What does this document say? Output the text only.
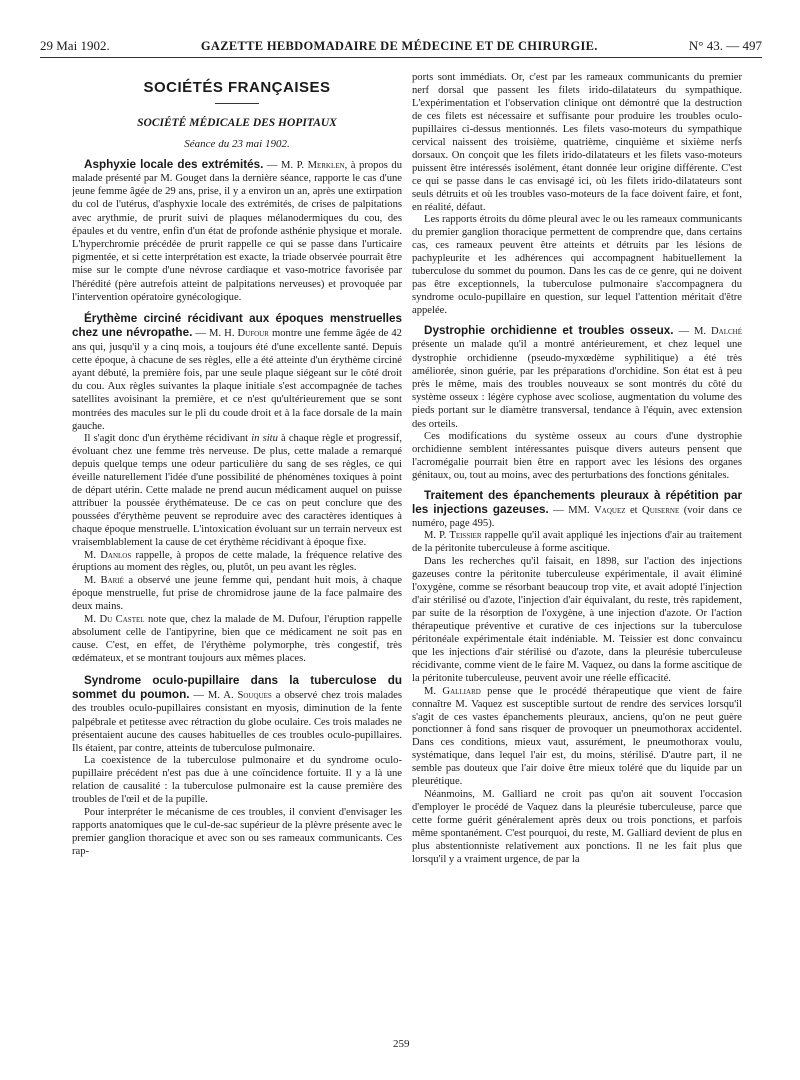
29 Mai 1902.	GAZETTE HEBDOMADAIRE DE MÉDECINE ET DE CHIRURGIE.	N° 43. — 497
SOCIÉTÉS FRANÇAISES
SOCIÉTÉ MÉDICALE DES HOPITAUX
Séance du 23 mai 1902.
Asphyxie locale des extrémités. — M. P. Merklen, à propos du malade présenté par M. Gouget dans la dernière séance, rapporte le cas d'une jeune femme âgée de 29 ans, prise, il y a environ un an, après une extirpation du col de l'utérus, d'asphyxie locale des extrémités, de crises de palpitations avec arythmie, de prurit suivi de plaques mélanodermiques du cou, des épaules et du ventre, enfin d'un état de profonde asthénie physique et morale. L'hyperchromie précédée de prurit rappelle ce qui se passe dans l'urticaire pigmentée, et si cette interprétation est exacte, la triade observée pourrait être mise sur le compte d'une névrose cardiaque et vaso-motrice favorisée par l'hérédité (père autrefois atteint de palpitations nerveuses) et provoquée par l'intervention opératoire gynécologique.
Érythème circiné récidivant aux époques menstruelles chez une névropathe. — M. H. Dufour montre une femme âgée de 42 ans qui, jusqu'il y a cinq mois, a toujours été d'une excellente santé. Depuis cette époque, à chacune de ses règles, elle a été atteinte d'un érythème circiné ayant débuté, la première fois, par une seule plaque siégeant sur le côté droit du cou. Aux règles suivantes la plaque initiale s'est accompagnée de taches satellites avoisinant la première, et ce n'est qu'ultérieurement que se sont montrées des macules sur le pli du coude droit et à la face dorsale de la main gauche.
Il s'agit donc d'un érythème récidivant in situ à chaque règle et progressif, évoluant chez une femme très nerveuse. De plus, cette malade a remarqué depuis quelque temps une odeur particulière du sang de ses règles, ce qui éveille naturellement l'idée d'une possibilité de phénomènes toxiques à point de départ utérin. Cette malade ne prend aucun médicament auquel on puisse attribuer la poussée érythémateuse. De ce cas on peut conclure que des poussées d'érythème peuvent se reproduire avec des caractères identiques à chaque époque menstruelle. L'intoxication évoluant sur un terrain nerveux est vraisemblablement la cause de cet érythème récidivant à époque fixe.
M. Danlos rappelle, à propos de cette malade, la fréquence relative des éruptions au moment des règles, ou, plutôt, un peu avant les règles.
M. Barié a observé une jeune femme qui, pendant huit mois, à chaque époque menstruelle, fut prise de chromidrose jaune de la face palmaire des deux mains.
M. Du Castel note que, chez la malade de M. Dufour, l'éruption rappelle absolument celle de l'antipyrine, bien que ce médicament ne soit pas en cause. C'est, en effet, de l'érythème polymorphe, très congestif, très œdémateux, et se montrant toujours aux mêmes places.
Syndrome oculo-pupillaire dans la tuberculose du sommet du poumon. — M. A. Souques a observé chez trois malades des troubles oculo-pupillaires consistant en myosis, diminution de la fente palpébrale et petitesse avec rétraction du globe oculaire. Ces trois malades ne présentaient aucune des causes habituelles de ces troubles oculo-pupillaires. Ils étaient, par contre, atteints de tuberculose pulmonaire.
La coexistence de la tuberculose pulmonaire et du syndrome oculo-pupillaire précédent n'est pas due à une coïncidence fortuite. Il y a là une relation de causalité : la tuberculose pulmonaire est la cause première des troubles de l'œil et de la pupille.
Pour interpréter le mécanisme de ces troubles, il convient d'envisager les rapports anatomiques que le cul-de-sac supérieur de la plèvre présente avec le premier ganglion thoracique et avec son ou ses rameaux communicants. Ces rap-
ports sont immédiats. Or, c'est par les rameaux communicants du premier nerf dorsal que passent les filets irido-dilatateurs du sympathique. L'expérimentation et l'observation clinique ont démontré que la destruction de ces filets est nécessaire et suffisante pour produire les troubles oculo-pupillaires ci-dessus mentionnés. Les filets vaso-moteurs du sympathique cervical naissent des troisième, quatrième, cinquième et sixième nerfs dorsaux. On conçoit que les filets irido-dilatateurs et les filets vaso-moteurs puissent être intéressés isolément, étant donnée leur origine différente. C'est ce qui se passe dans le cas envisagé ici, où les filets irido-dilatateurs sont seuls détruits et où les troubles vaso-moteurs de la face doivent faire, et font, en réalité, défaut.
Les rapports étroits du dôme pleural avec le ou les rameaux communicants du premier ganglion thoracique permettent de comprendre que, dans certains cas, ces rameaux peuvent être atteints et détruits par les lésions de pachypleurite et les adhérences qui accompagnent habituellement la tuberculose du sommet du poumon. Dans les cas de ce genre, qui ne doivent pas être exceptionnels, la tuberculose pulmonaire s'accompagnera du syndrome oculo-pupillaire en question, sur lequel l'attention méritait d'être appelée.
Dystrophie orchidienne et troubles osseux. — M. Dalché présente un malade qu'il a montré antérieurement, et chez lequel une dystrophie orchidienne (pseudo-myxœdème syphilitique) a été très améliorée, sinon guérie, par les préparations d'orchidine. Son état est à peu près le même, mais des troubles nouveaux se sont montrés du côté du système osseux : légère cyphose avec scoliose, augmentation du volume des pieds portant sur le diamètre transversal, tendance à l'équin, avec extension des orteils.
Ces modifications du système osseux au cours d'une dystrophie orchidienne semblent intéressantes puisque divers auteurs pensent que l'acromégalie pourrait bien être en rapport avec les lésions des organes génitaux, ou, tout au moins, avec des perturbations des fonctions génitales.
Traitement des épanchements pleuraux à répétition par les injections gazeuses. — MM. Vaquez et Quiserne (voir dans ce numéro, page 495).
M. P. Teissier rappelle qu'il avait appliqué les injections d'air au traitement de la péritonite tuberculeuse à forme ascitique.
Dans les recherches qu'il faisait, en 1898, sur l'action des injections gazeuses contre la péritonite tuberculeuse expérimentale, il avait éliminé l'oxygène, comme se résorbant beaucoup trop vite, et avait adopté l'injection d'air stérilisé ou d'azote, l'injection d'air équivalant, du reste, très rapidement, par suite de la résorption de l'oxygène, à une injection d'azote. Or l'action thérapeutique préventive et curative de ces injections sur la tuberculose péritonéale expérimentale était indéniable. M. Teissier est donc convaincu que les injections d'air stérilisé ou d'azote, dans la pleurésie tuberculeuse récidivante, comme vient de le faire M. Vaquez, ou dans la forme ascitique de la péritonite tuberculeuse, peuvent avoir une réelle efficacité.
M. Galliard pense que le procédé thérapeutique que vient de faire connaître M. Vaquez est susceptible surtout de rendre des services lorsqu'il s'agit de ces vastes épanchements pleuraux, anciens, qu'on ne peut guère ponctionner à fond sans risquer de provoquer un pneumothorax accidentel. Dans ces conditions, mieux vaut, assurément, le pneumothorax voulu, systématique, dans lequel l'air est, du moins, stérilisé. D'autre part, il ne semble pas douteux que l'air doive être mieux toléré que du liquide par un pleurétique.
Néanmoins, M. Galliard ne croit pas qu'on ait souvent l'occasion d'employer le procédé de Vaquez dans la pleurésie tuberculeuse, parce que cette forme guérit généralement après deux ou trois ponctions, et parfois même spontanément. C'est pourquoi, du reste, M. Galliard devient de plus en plus abstentionniste relativement aux ponctions. Il ne les fait plus que lorsqu'il y a vraiment urgence, de par la
259
